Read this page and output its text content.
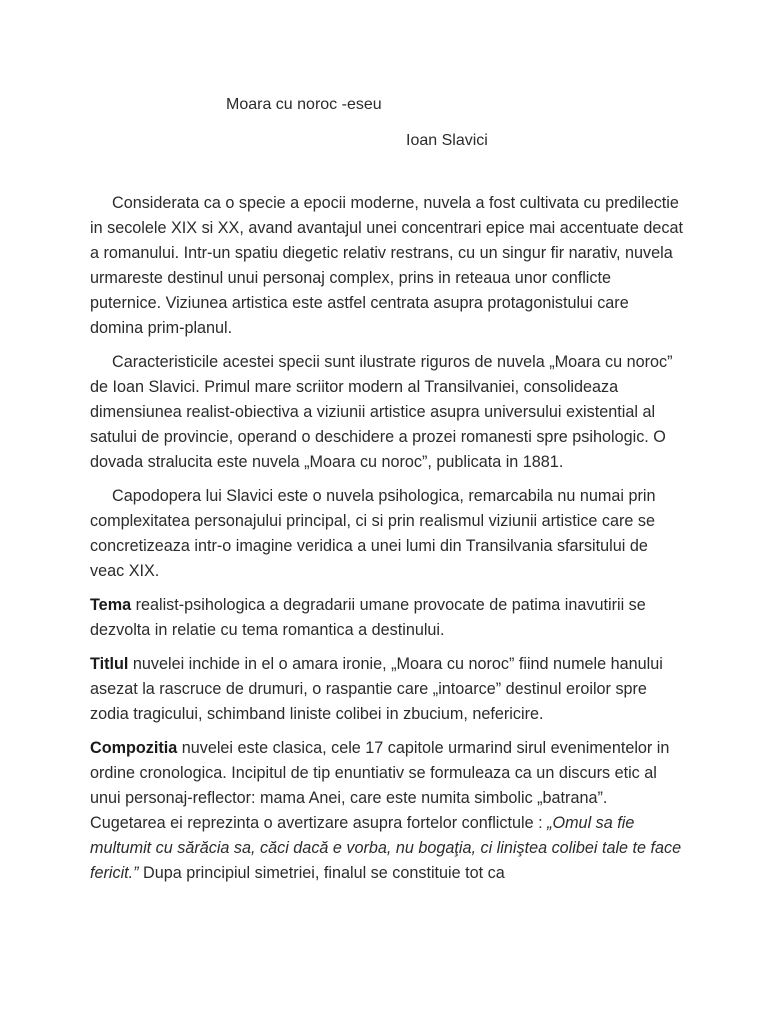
Moara cu noroc -eseu
Ioan Slavici

Considerata ca o specie a epocii moderne, nuvela a fost cultivata cu predilectie in secolele XIX si XX, avand avantajul unei concentrari epice mai accentuate decat a romanului. Intr-un spatiu diegetic relativ restrans, cu un singur fir narativ, nuvela urmareste destinul unui personaj complex, prins in reteaua unor conflicte puternice. Viziunea artistica este astfel centrata asupra protagonistului care domina prim-planul.

Caracteristicile acestei specii sunt ilustrate riguros de nuvela „Moara cu noroc” de Ioan Slavici. Primul mare scriitor modern al Transilvaniei, consolideaza dimensiunea realist-obiectiva a viziunii artistice asupra universului existential al satului de provincie, operand o deschidere a prozei romanesti spre psihologic. O dovada stralucita este nuvela „Moara cu noroc”, publicata in 1881.

Capodopera lui Slavici este o nuvela psihologica, remarcabila nu numai prin complexitatea personajului principal, ci si prin realismul viziunii artistice care se concretizeaza intr-o imagine veridica a unei lumi din Transilvania sfarsitului de veac XIX.

Tema realist-psihologica a degradarii umane provocate de patima inavutirii se dezvolta in relatie cu tema romantica a destinului.

Titlul nuvelei inchide in el o amara ironie, „Moara cu noroc” fiind numele hanului asezat la rascruce de drumuri, o raspantie care „intoarce” destinul eroilor spre zodia tragicului, schimband liniste colibei in zbucium, nefericire.

Compozitia nuvelei este clasica, cele 17 capitole urmarind sirul evenimentelor in ordine cronologica. Incipitul de tip enuntiativ se formuleaza ca un discurs etic al unui personaj-reflector: mama Anei, care este numita simbolic „batrana”. Cugetarea ei reprezinta o avertizare asupra fortelor conflictule : „Omul sa fie multumit cu sărăcia sa, căci dacă e vorba, nu bogaţia, ci liniştea colibei tale te face fericit.” Dupa principiul simetriei, finalul se constituie tot ca
